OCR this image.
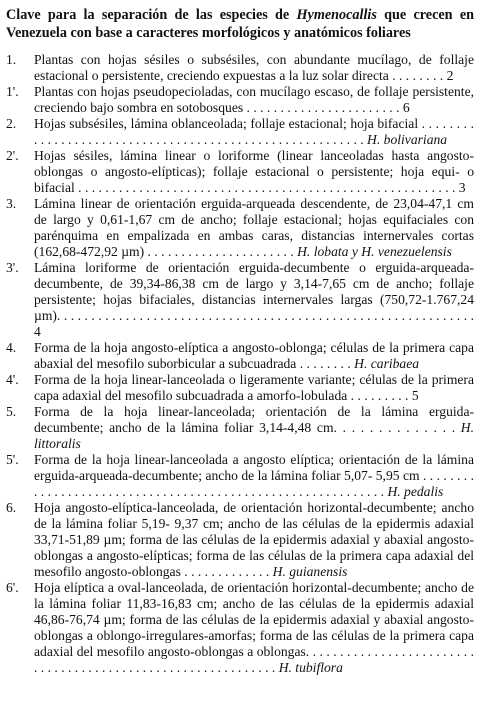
Clave para la separación de las especies de Hymenocallis que crecen en Venezuela con base a caracteres morfológicos y anatómicos foliares
1.	Plantas con hojas sésiles o subsésiles, con abundante mucílago, de follaje estacional o persistente, creciendo expuestas a la luz solar directa . . . . . . . . 2
1'.	Plantas con hojas pseudopecioladas, con mucílago escaso, de follaje persistente, creciendo bajo sombra en sotobosques . . . . . . . . . . . . . . . . . . . . . . . 6
2.	Hojas subsésiles, lámina oblanceolada; follaje estacional; hoja bifacial . . . . . . . . . . . . . . . . . . . . . . . . . . . . . . . . . . . . . . . . . . . . . . . . . . . . . . . . . H. bolivariana
2'.	Hojas sésiles, lámina linear o loriforme (linear lanceoladas hasta angosto-oblongas o angosto-elípticas); follaje estacional o persistente; hoja equi- o bifacial . . . . . . . . . . . . . . . . . . . . . . . . . . . . . . . . . . . . . . . . . . . . . . . . . . . . . . . . 3
3.	Lámina linear de orientación erguida-arqueada descendente, de 23,04-47,1 cm de largo y 0,61-1,67 cm de ancho; follaje estacional; hojas equifaciales con parénquima en empalizada en ambas caras, distancias internervales cortas (162,68-472,92 µm) . . . . . . . . . . . . . . . . . . . . . . H. lobata y H. venezuelensis
3'.	Lámina loriforme de orientación erguida-decumbente o erguida-arqueada-decumbente, de 39,34-86,38 cm de largo y 3,14-7,65 cm de ancho; follaje persistente; hojas bifaciales, distancias internervales largas (750,72-1.767,24 µm). . . . . . . . . . . . . . . . . . . . . . . . . . . . . . . . . . . . . . . . . . . . . . . . . . . . . . . . . . . . . 4
4.	Forma de la hoja angosto-elíptica a angosto-oblonga; células de la primera capa abaxial del mesofilo suborbicular a subcuadrada . . . . . . . . H. caribaea
4'.	Forma de la hoja linear-lanceolada o ligeramente variante; células de la primera capa adaxial del mesofilo subcuadrada a amorfo-lobulada . . . . . . . . . 5
5.	Forma de la hoja linear-lanceolada; orientación de la lámina erguida-decumbente; ancho de la lámina foliar 3,14-4,48 cm. . . . . . . . . . . . . . H. littoralis
5'.	Forma de la hoja linear-lanceolada a angosto elíptica; orientación de la lámina erguida-arqueada-decumbente; ancho de la lámina foliar 5,07- 5,95 cm . . . . . . . . . . . . . . . . . . . . . . . . . . . . . . . . . . . . . . . . . . . . . . . . . . . . . . . . . . . . H. pedalis
6.	Hoja angosto-elíptica-lanceolada, de orientación horizontal-decumbente; ancho de la lámina foliar 5,19- 9,37 cm; ancho de las células de la epidermis adaxial 33,71-51,89 µm; forma de las células de la epidermis adaxial y abaxial angosto-oblongas a angosto-elípticas; forma de las células de la primera capa adaxial del mesofilo angosto-oblongas . . . . . . . . . . . . . H. guianensis
6'.	Hoja elíptica a oval-lanceolada, de orientación horizontal-decumbente; ancho de la lámina foliar 11,83-16,83 cm; ancho de las células de la epidermis adaxial 46,86-76,74 µm; forma de las células de la epidermis adaxial y abaxial angosto-oblongas a oblongo-irregulares-amorfas; forma de las células de la primera capa adaxial del mesofilo angosto-oblongas a oblongas. . . . . . . . . . . . . . . . . . . . . . . . . . . . . . . . . . . . . . . . . . . . . . . . . . . . . . . . . . . . . H. tubiflora
